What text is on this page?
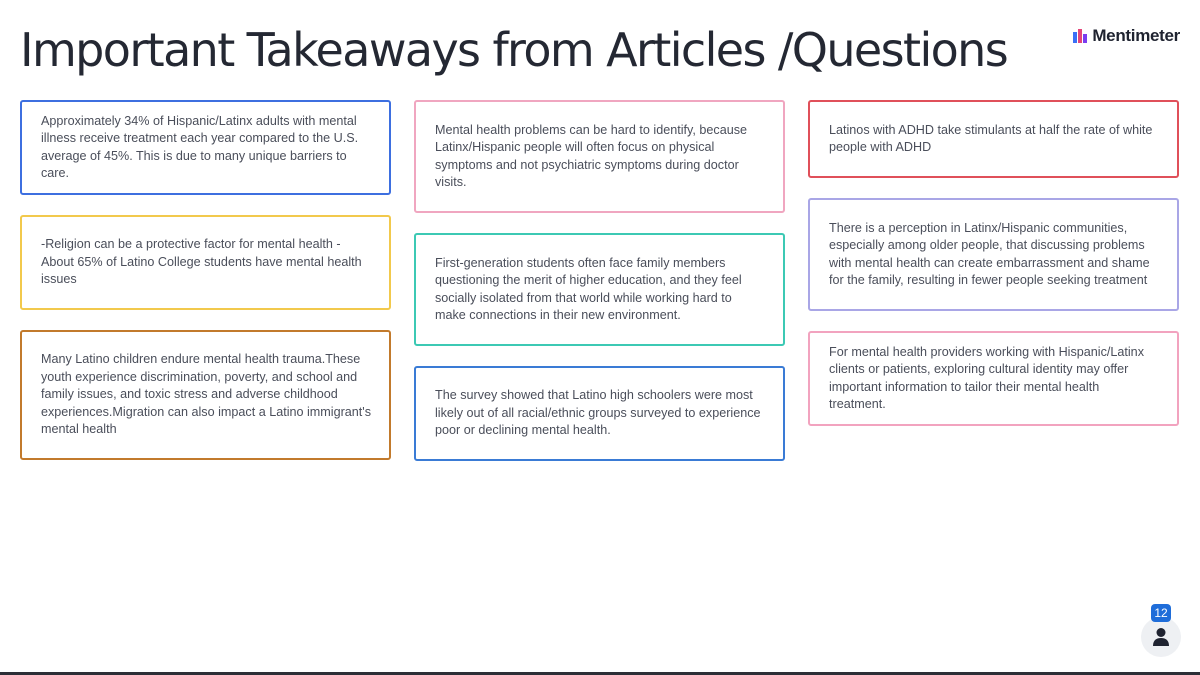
Important Takeaways from Articles /Questions	Mentimeter
Approximately 34% of Hispanic/Latinx adults with mental illness receive treatment each year compared to the U.S. average of 45%. This is due to many unique barriers to care.
-Religion can be a protective factor for mental health - About 65% of Latino College students have mental health issues
Many Latino children endure mental health trauma.These youth experience discrimination, poverty, and school and family issues, and toxic stress and adverse childhood experiences.Migration can also impact a Latino immigrant's mental health
Mental health problems can be hard to identify, because Latinx/Hispanic people will often focus on physical symptoms and not psychiatric symptoms during doctor visits.
First-generation students often face family members questioning the merit of higher education, and they feel socially isolated from that world while working hard to make connections in their new environment.
The survey showed that Latino high schoolers were most likely out of all racial/ethnic groups surveyed to experience poor or declining mental health.
Latinos with ADHD take stimulants at half the rate of white people with ADHD
There is a perception in Latinx/Hispanic communities, especially among older people, that discussing problems with mental health can create embarrassment and shame for the family, resulting in fewer people seeking treatment
For mental health providers working with Hispanic/Latinx clients or patients, exploring cultural identity may offer important information to tailor their mental health treatment.
12
